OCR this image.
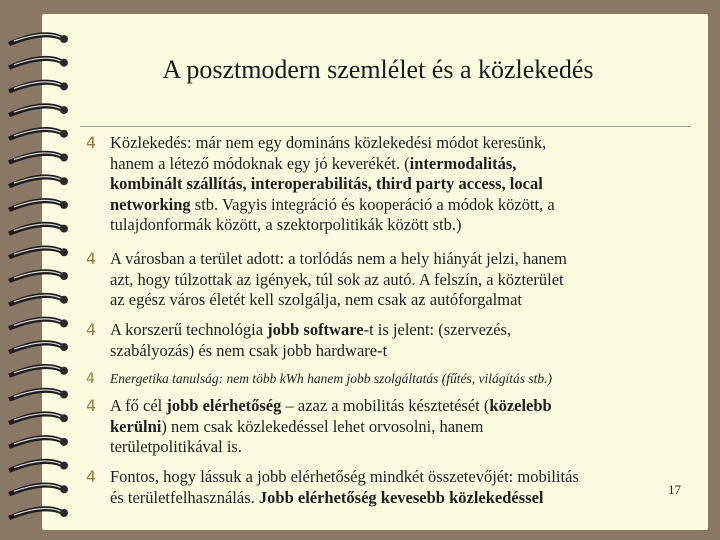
A posztmodern szemlélet és a közlekedés
4 Közlekedés: már nem egy domináns közlekedési módot keresünk,
hanem a létező módoknak egy jó keverékét. (intermodalitás,
kombinált szállítás, interoperabilitás, third party access, local
networking stb. Vagyis integráció és kooperáció a módok között, a
tulajdonformák között, a szektorpolitikák között stb.)
4 A városban a terület adott: a torlódás nem a hely hiányát jelzi, hanem
azt, hogy túlzottak az igények, túl sok az autó. A felszín, a közterület
az egész város életét kell szolgálja, nem csak az autóforgalmat
4 A korszerű technológia jobb software-t is jelent: (szervezés,
szabályozás) és nem csak jobb hardware-t
4 Energetika tanulság: nem több kWh hanem jobb szolgáltatás (fűtés, világítás stb.)
4 A fő cél jobb elérhetőség – azaz a mobilitás késztetését (közelebb
kerülni) nem csak közlekedéssel lehet orvosolni, hanem
területpolitikával is.
4 Fontos, hogy lássuk a jobb elérhetőség mindkét összetevőjét: mobilitás
és területfelhasználás. Jobb elérhetőség kevesebb közlekedéssel	17
